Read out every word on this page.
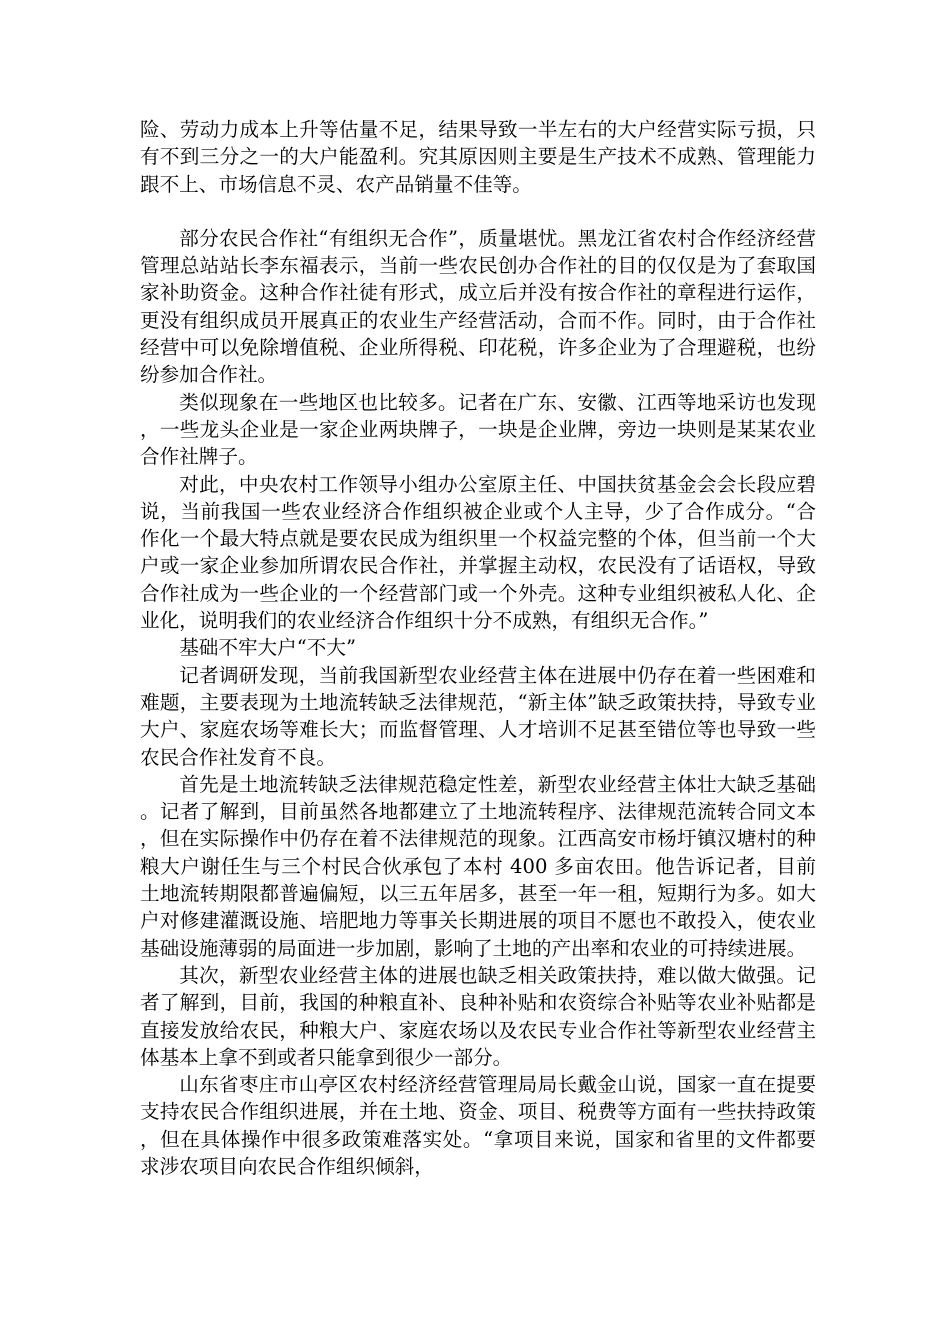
险、劳动力成本上升等估量不足，结果导致一半左右的大户经营实际亏损，只有不到三分之一的大户能盈利。究其原因则主要是生产技术不成熟、管理能力跟不上、市场信息不灵、农产品销量不佳等。

部分农民合作社“有组织无合作”，质量堪忧。黑龙江省农村合作经济经营管理总站站长李东福表示，当前一些农民创办合作社的目的仅仅是为了套取国家补助资金。这种合作社徒有形式，成立后并没有按合作社的章程进行运作，更没有组织成员开展真正的农业生产经营活动，合而不作。同时，由于合作社经营中可以免除增值税、企业所得税、印花税，许多企业为了合理避税，也纷纷参加合作社。

类似现象在一些地区也比较多。记者在广东、安徽、江西等地采访也发现，一些龙头企业是一家企业两块牌子，一块是企业牌，旁边一块则是某某农业合作社牌子。

对此，中央农村工作领导小组办公室原主任、中国扶贫基金会会长段应碧说，当前我国一些农业经济合作组织被企业或个人主导，少了合作成分。“合作化一个最大特点就是要农民成为组织里一个权益完整的个体，但当前一个大户或一家企业参加所谓农民合作社，并掌握主动权，农民没有了话语权，导致合作社成为一些企业的一个经营部门或一个外壳。这种专业组织被私人化、企业化，说明我们的农业经济合作组织十分不成熟，有组织无合作。”

基础不牢大户“不大”

记者调研发现，当前我国新型农业经营主体在进展中仍存在着一些困难和难题，主要表现为土地流转缺乏法律规范，“新主体”缺乏政策扶持，导致专业大户、家庭农场等难长大；而监督管理、人才培训不足甚至错位等也导致一些农民合作社发育不良。

首先是土地流转缺乏法律规范稳定性差，新型农业经营主体壮大缺乏基础。记者了解到，目前虽然各地都建立了土地流转程序、法律规范流转合同文本，但在实际操作中仍存在着不法律规范的现象。江西高安市杨圩镇汉塘村的种粮大户谢任生与三个村民合伙承包了本村 400 多亩农田。他告诉记者，目前土地流转期限都普遍偏短，以三五年居多，甚至一年一租，短期行为多。如大户对修建灌溉设施、培肥地力等事关长期进展的项目不愿也不敢投入，使农业基础设施薄弱的局面进一步加剧，影响了土地的产出率和农业的可持续进展。

其次，新型农业经营主体的进展也缺乏相关政策扶持，难以做大做强。记者了解到，目前，我国的种粮直补、良种补贴和农资综合补贴等农业补贴都是直接发放给农民，种粮大户、家庭农场以及农民专业合作社等新型农业经营主体基本上拿不到或者只能拿到很少一部分。

山东省枣庄市山亭区农村经济经营管理局局长戴金山说，国家一直在提要支持农民合作组织进展，并在土地、资金、项目、税费等方面有一些扶持政策，但在具体操作中很多政策难落实处。“拿项目来说，国家和省里的文件都要求涉农项目向农民合作组织倾斜，
